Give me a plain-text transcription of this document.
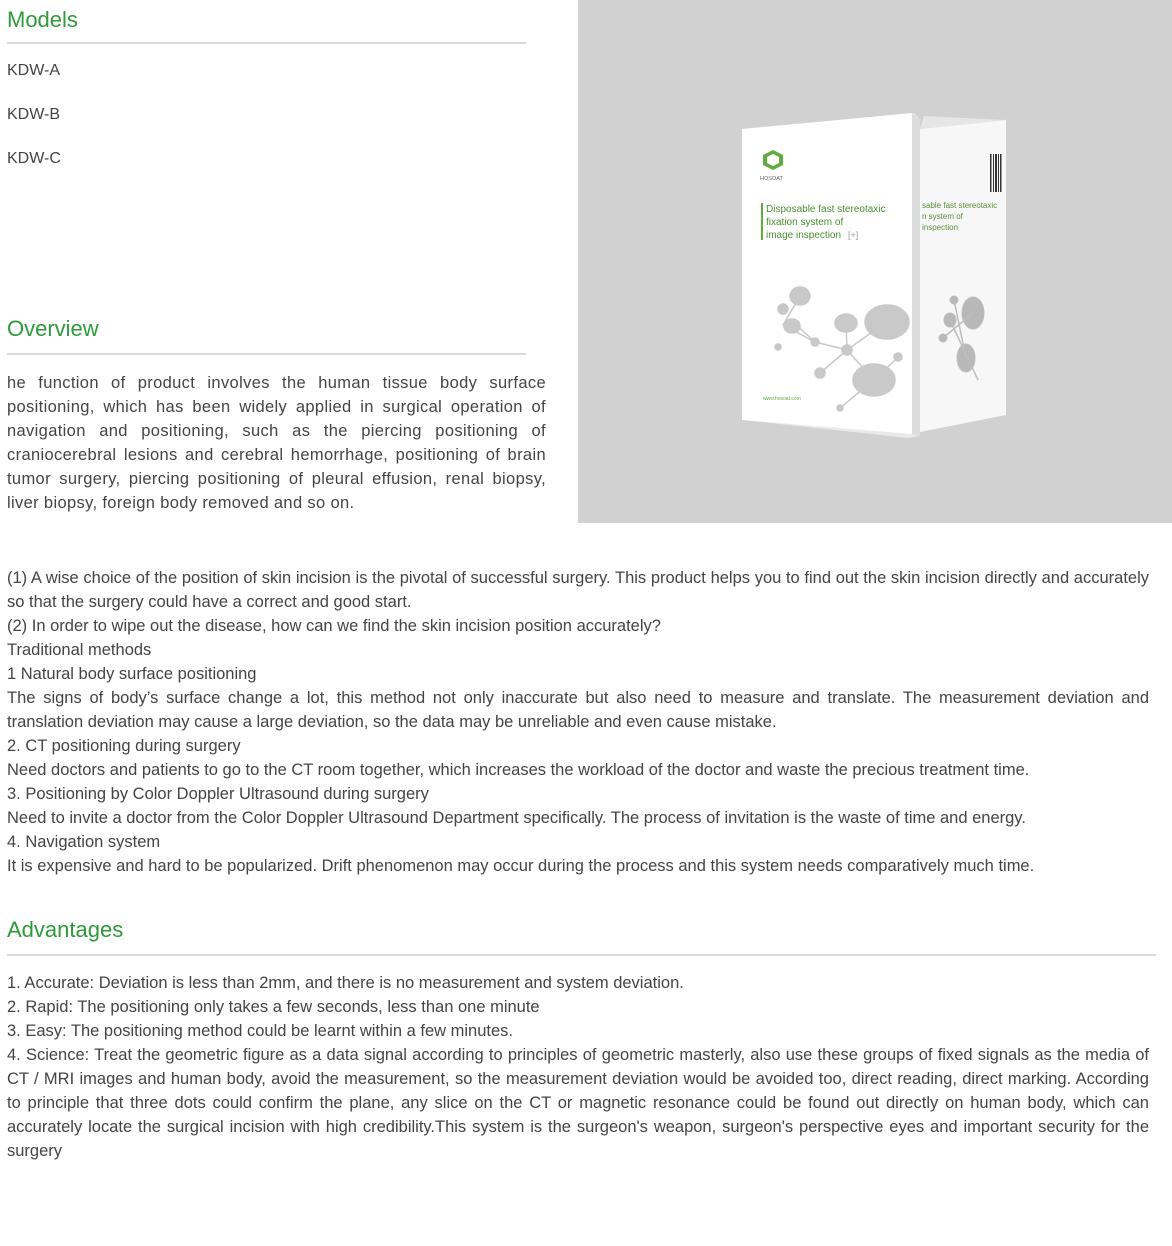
Models
KDW-A
KDW-B
KDW-C
Overview

he function of product involves the human tissue body surface positioning, which has been widely applied in surgical operation of navigation and positioning, such as the piercing positioning of craniocerebral lesions and cerebral hemorrhage, positioning of brain tumor surgery, piercing positioning of pleural effusion, renal biopsy, liver biopsy, foreign body removed and so on.

sable fast stereotaxic
n system of
inspection
HOSOAT
Disposable fast stereotaxic
fixation system of
image inspection [+]
www.hosoat.com

(1) A wise choice of the position of skin incision is the pivotal of successful surgery. This product helps you to find out the skin incision directly and accurately so that the surgery could have a correct and good start.

(2) In order to wipe out the disease, how can we find the skin incision position accurately?

Traditional methods

1 Natural body surface positioning

The signs of body’s surface change a lot, this method not only inaccurate but also need to measure and translate. The measurement deviation and translation deviation may cause a large deviation, so the data may be unreliable and even cause mistake.

2. CT positioning during surgery

Need doctors and patients to go to the CT room together, which increases the workload of the doctor and waste the precious treatment time.

3. Positioning by Color Doppler Ultrasound during surgery

Need to invite a doctor from the Color Doppler Ultrasound Department specifically. The process of invitation is the waste of time and energy.

4. Navigation system

It is expensive and hard to be popularized. Drift phenomenon may occur during the process and this system needs comparatively much time.

Advantages

1. Accurate: Deviation is less than 2mm, and there is no measurement and system deviation.

2. Rapid: The positioning only takes a few seconds, less than one minute

3. Easy: The positioning method could be learnt within a few minutes.

4. Science: Treat the geometric figure as a data signal according to principles of geometric masterly, also use these groups of fixed signals as the media of CT / MRI images and human body, avoid the measurement, so the measurement deviation would be avoided too, direct reading, direct marking. According to principle that three dots could confirm the plane, any slice on the CT or magnetic resonance could be found out directly on human body, which can accurately locate the surgical incision with high credibility.This system is the surgeon's weapon, surgeon's perspective eyes and important security for the surgery
